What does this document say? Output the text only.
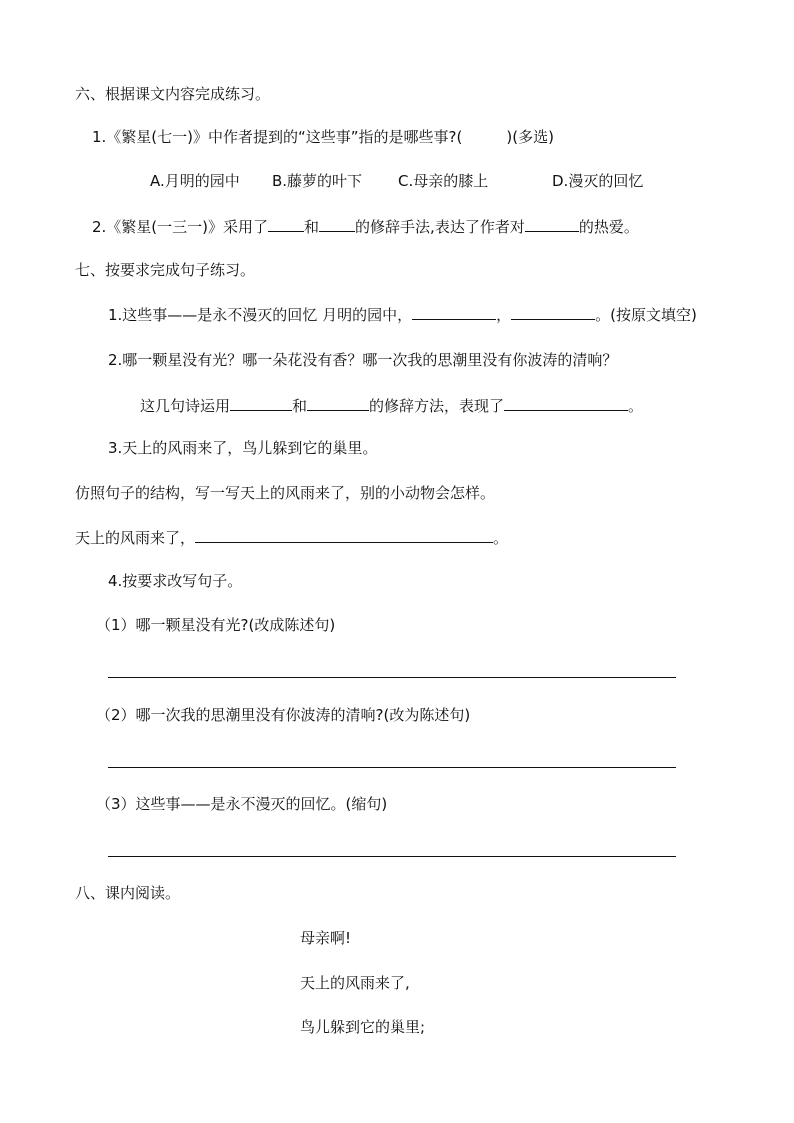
六、根据课文内容完成练习。
1.《繁星(七一)》中作者提到的“这些事”指的是哪些事?(	)(多选)
A.月明的园中 B.藤萝的叶下 C.母亲的膝上	D.漫灭的回忆
2.《繁星(一三一)》采用了 和 的修辞手法,表达了作者对	的热爱。
七、按要求完成句子练习。
1.这些事——是永不漫灭的回忆 月明的园中，	，	。(按原文填空)
2.哪一颗星没有光？哪一朵花没有香？哪一次我的思潮里没有你波涛的清响？
这几句诗运用	和	的修辞方法，表现了	。
3.天上的风雨来了，鸟儿躲到它的巢里。
仿照句子的结构，写一写天上的风雨来了，别的小动物会怎样。
天上的风雨来了，	。
4.按要求改写句子。
（1）哪一颗星没有光?(改成陈述句)
（2）哪一次我的思潮里没有你波涛的清响?(改为陈述句)
（3）这些事——是永不漫灭的回忆。(缩句)
八、课内阅读。
母亲啊!
天上的风雨来了,
鸟儿躲到它的巢里;
